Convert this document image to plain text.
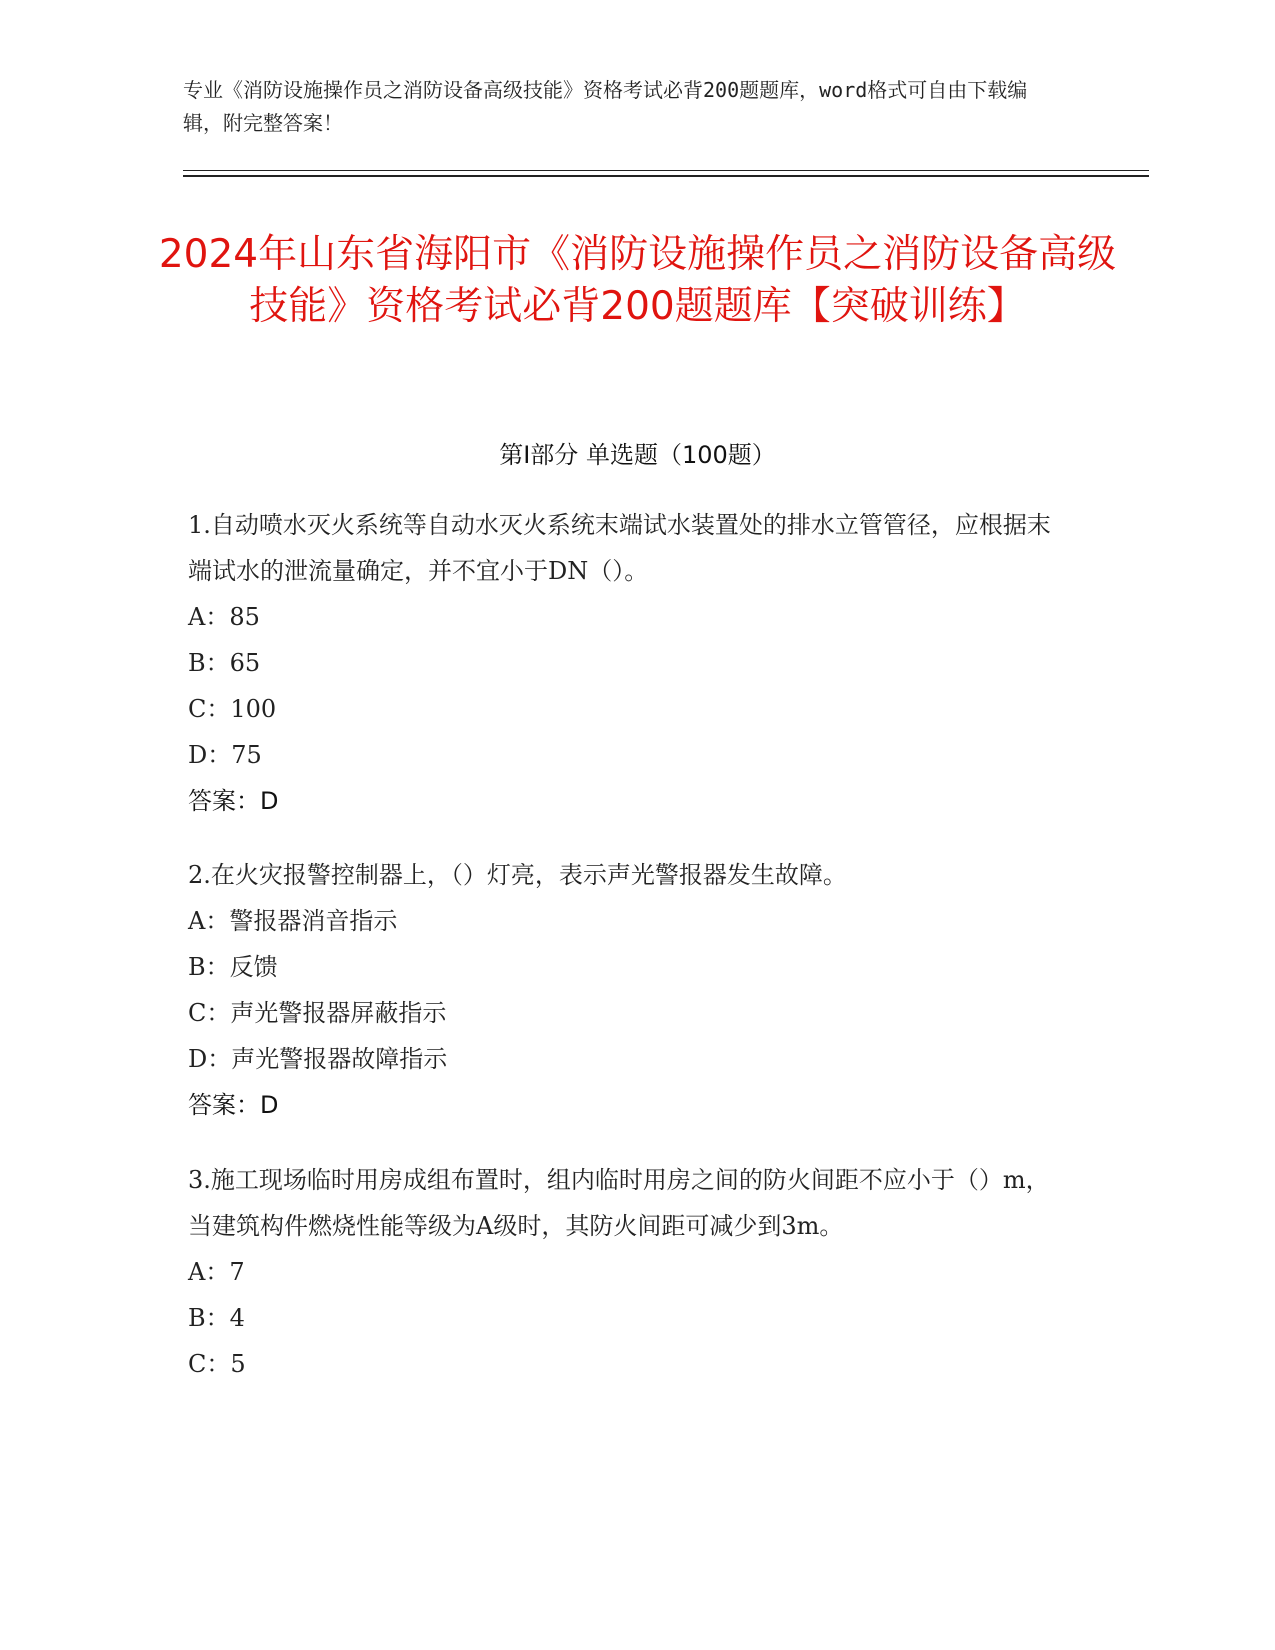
专业《消防设施操作员之消防设备高级技能》资格考试必背200题题库，word格式可自由下载编辑，附完整答案！
2024年山东省海阳市《消防设施操作员之消防设备高级技能》资格考试必背200题题库【突破训练】
第I部分 单选题（100题）
1.自动喷水灭火系统等自动水灭火系统末端试水装置处的排水立管管径，应根据末端试水的泄流量确定，并不宜小于DN（）。
A：85
B：65
C：100
D：75
答案：D
2.在火灾报警控制器上，（）灯亮，表示声光警报器发生故障。
A：警报器消音指示
B：反馈
C：声光警报器屏蔽指示
D：声光警报器故障指示
答案：D
3.施工现场临时用房成组布置时，组内临时用房之间的防火间距不应小于（）m，当建筑构件燃烧性能等级为A级时，其防火间距可减少到3m。
A：7
B：4
C：5
